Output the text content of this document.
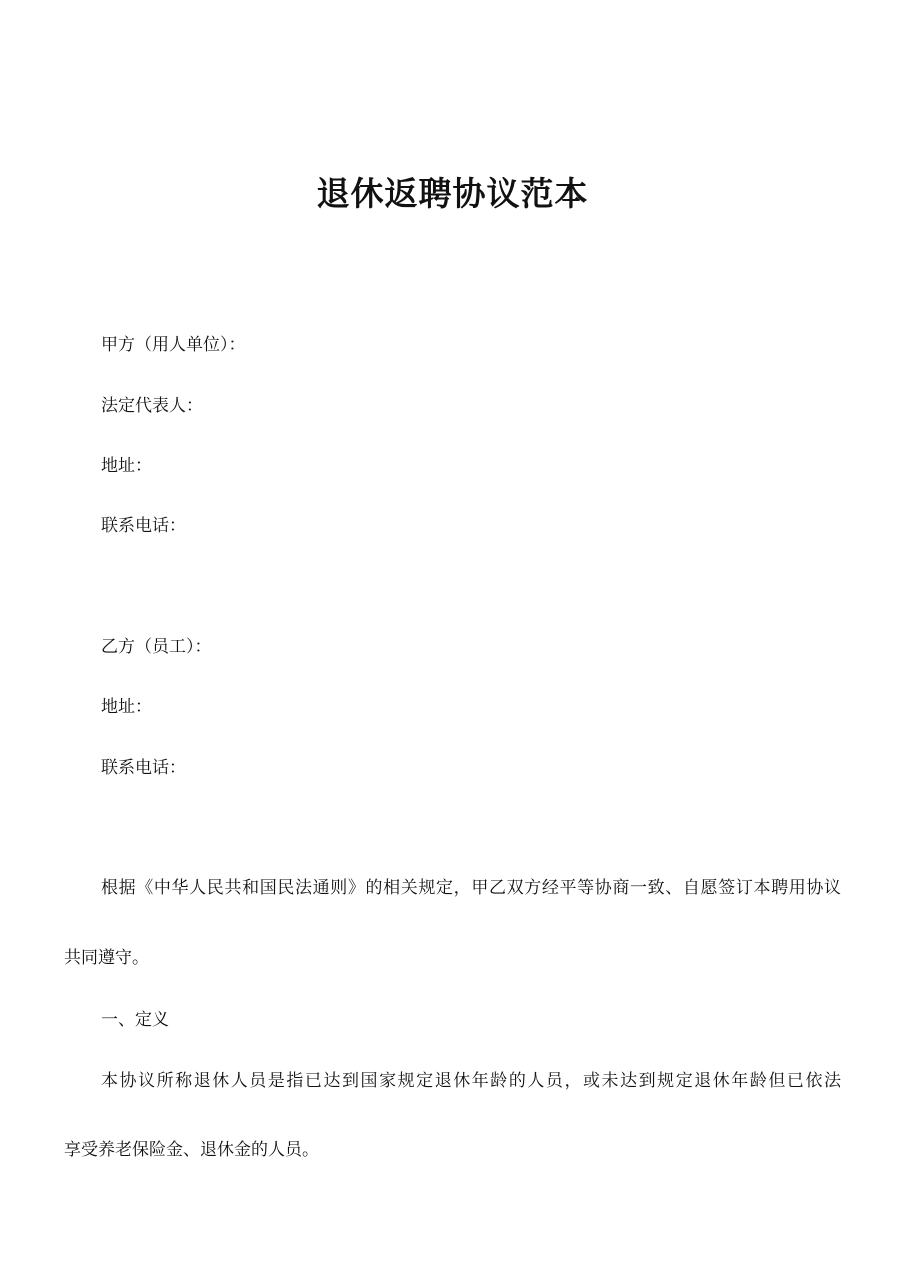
退休返聘协议范本

甲方（用人单位）：

法定代表人：

地址：

联系电话：

乙方（员工）：

地址：

联系电话：

根据《中华人民共和国民法通则》的相关规定，甲乙双方经平等协商一致、自愿签订本聘用协议

共同遵守。

一、定义

本协议所称退休人员是指已达到国家规定退休年龄的人员，或未达到规定退休年龄但已依法

享受养老保险金、退休金的人员。
